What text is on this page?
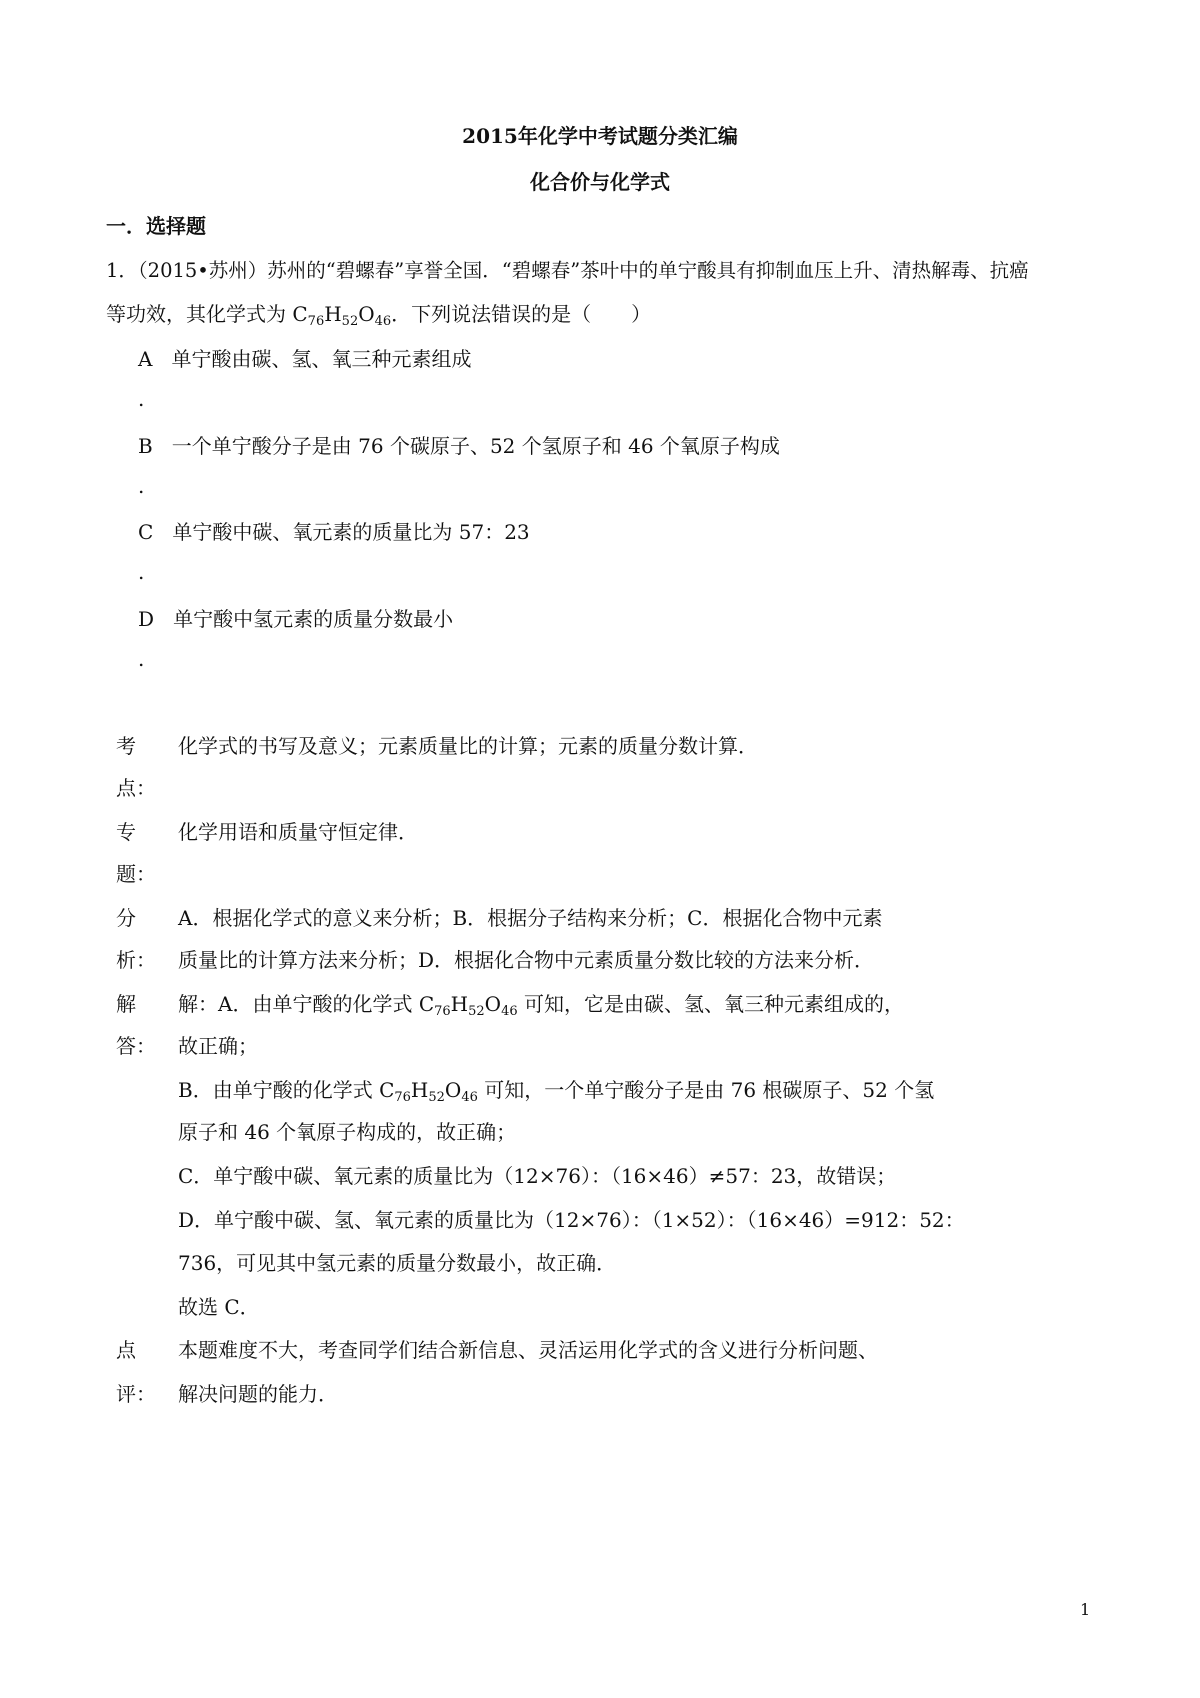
2015年化学中考试题分类汇编
化合价与化学式
一．选择题
1．（2015•苏州）苏州的“碧螺春”享誉全国．“碧螺春”茶叶中的单宁酸具有抑制血压上升、清热解毒、抗癌
等功效，其化学式为 $C_{76}H_{52}O_{46}$．下列说法错误的是（　　）
A 单宁酸由碳、氢、氧三种元素组成
.
B 一个单宁酸分子是由 76 个碳原子、52 个氢原子和 46 个氧原子构成
.
C 单宁酸中碳、氧元素的质量比为 57：23
.
D 单宁酸中氢元素的质量分数最小
.
考
点：
化学式的书写及意义；元素质量比的计算；元素的质量分数计算．
专
题：
化学用语和质量守恒定律．
分
析：
A．根据化学式的意义来分析；B．根据分子结构来分析；C．根据化合物中元素
质量比的计算方法来分析；D．根据化合物中元素质量分数比较的方法来分析．
解
答：
解：A．由单宁酸的化学式 $C_{76}H_{52}O_{46}$ 可知，它是由碳、氢、氧三种元素组成的，
故正确；
B．由单宁酸的化学式 $C_{76}H_{52}O_{46}$ 可知，一个单宁酸分子是由 76 根碳原子、52 个氢
原子和 46 个氧原子构成的，故正确；
C．单宁酸中碳、氧元素的质量比为（12×76）：（16×46）≠57：23，故错误；
D．单宁酸中碳、氢、氧元素的质量比为（12×76）：（1×52）：（16×46）=912：52：
736，可见其中氢元素的质量分数最小，故正确．
故选 C．
点
评：
本题难度不大，考查同学们结合新信息、灵活运用化学式的含义进行分析问题、
解决问题的能力．
1
